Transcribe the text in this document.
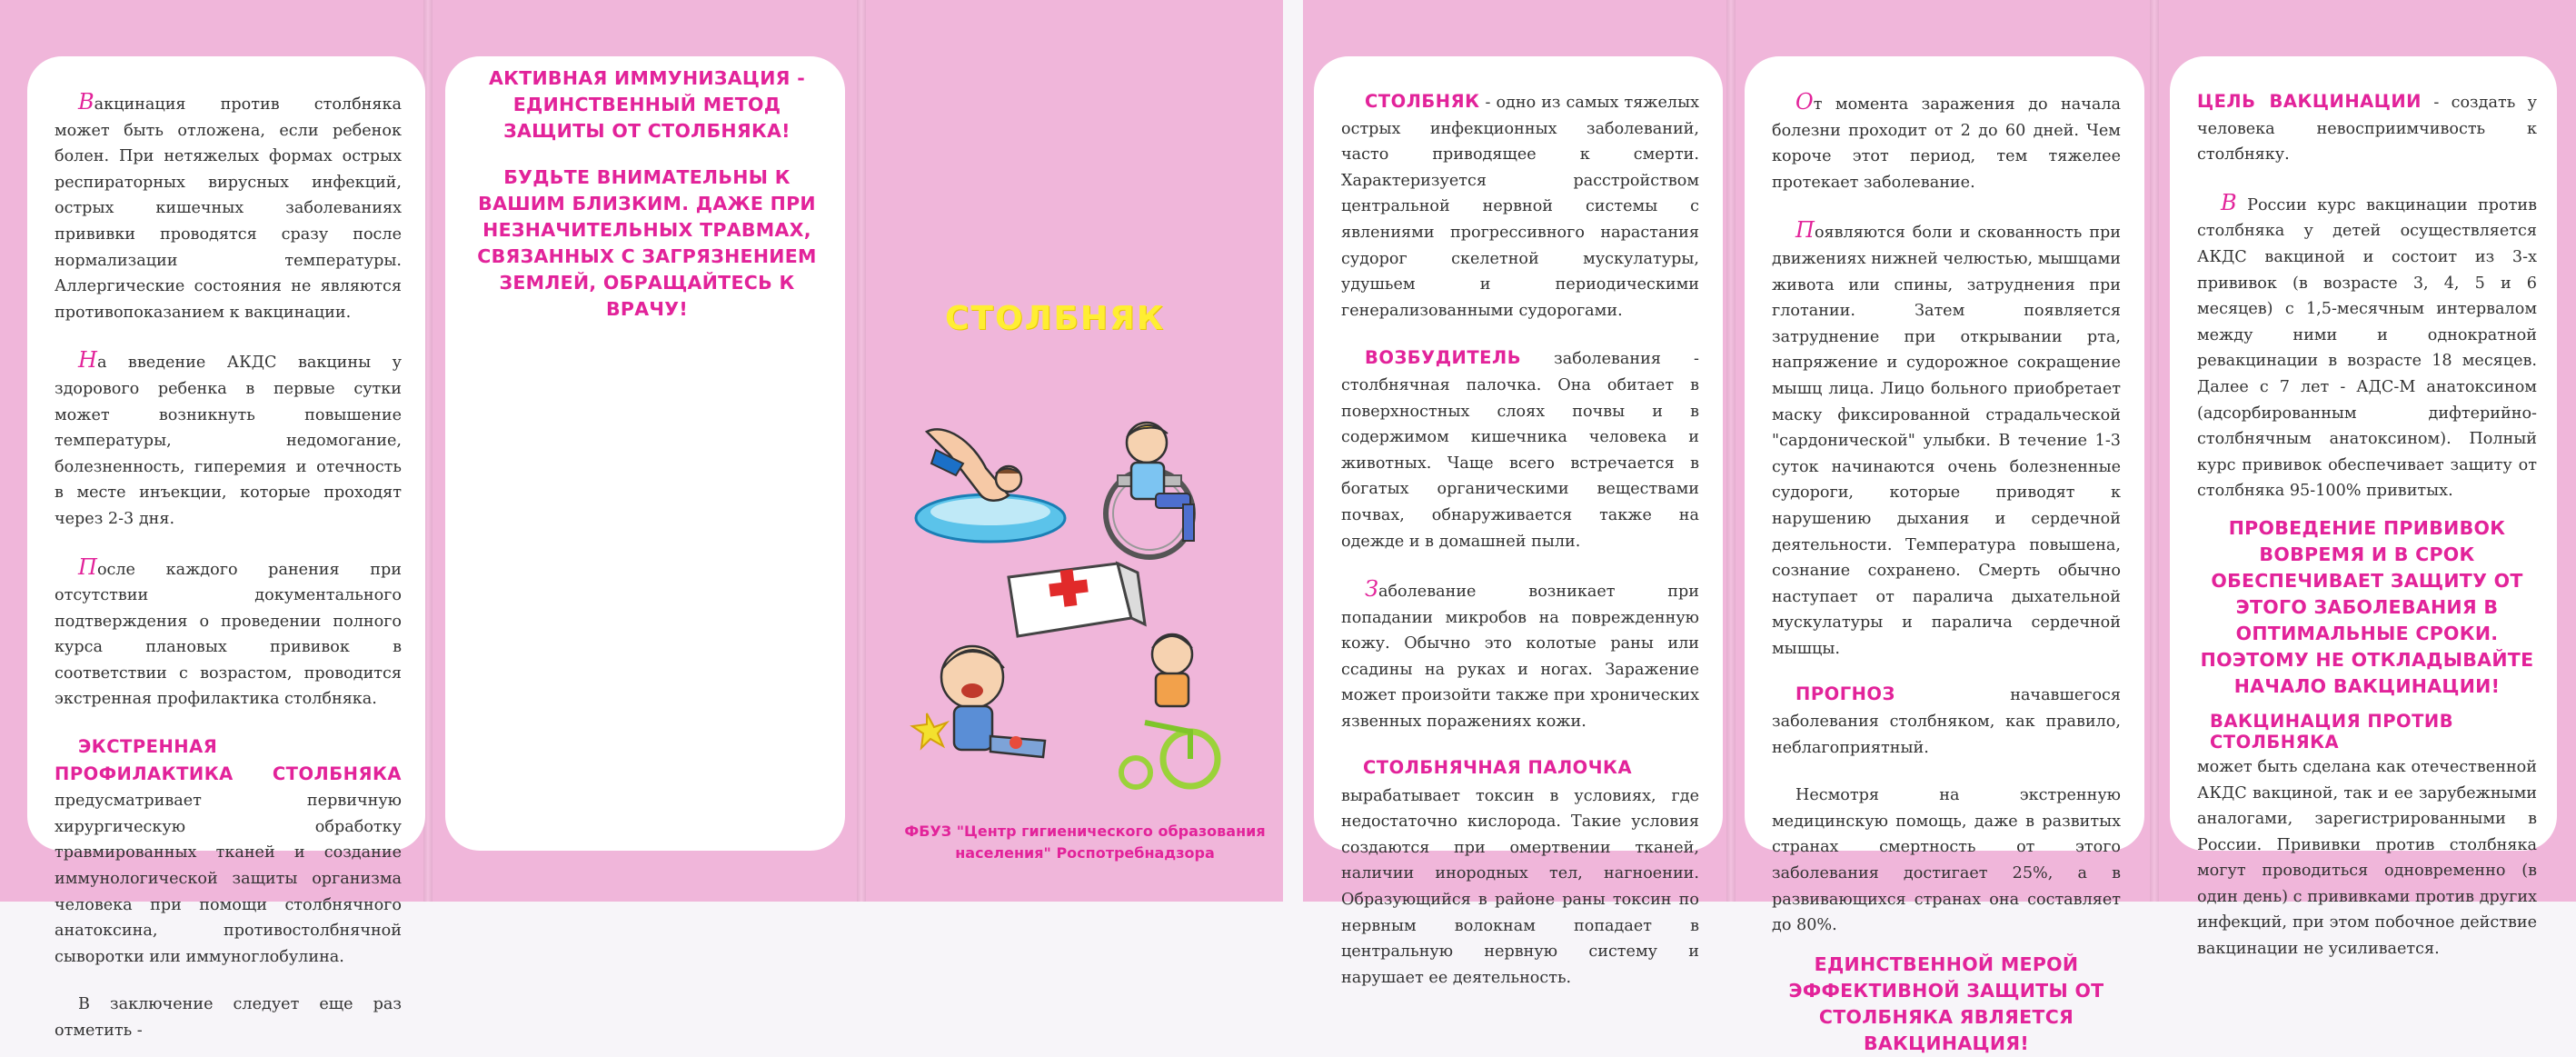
Вакцинация против столбняка может быть отложена, если ребенок болен. При нетяжелых формах острых респираторных вирусных инфекций, острых кишечных заболеваниях прививки проводятся сразу после нормализации температуры. Аллергические состояния не являются противопоказанием к вакцинации.

На введение АКДС вакцины у здорового ребенка в первые сутки может возникнуть повышение температуры, недомогание, болезненность, гиперемия и отечность в месте инъекции, которые проходят через 2-3 дня.

После каждого ранения при отсутствии документального подтверждения о проведении полного курса плановых прививок в соответствии с возрастом, проводится экстренная профилактика столбняка.

ЭКСТРЕННАЯ ПРОФИЛАКТИКА СТОЛБНЯКА предусматривает первичную хирургическую обработку травмированных тканей и создание иммунологической защиты организма человека при помощи столбнячного анатоксина, противостолбнячной сыворотки или иммуноглобулина.

В заключение следует еще раз отметить -

АКТИВНАЯ ИММУНИЗАЦИЯ - ЕДИНСТВЕННЫЙ МЕТОД ЗАЩИТЫ ОТ СТОЛБНЯКА!
БУДЬТЕ ВНИМАТЕЛЬНЫ К ВАШИМ БЛИЗКИМ. ДАЖЕ ПРИ НЕЗНАЧИТЕЛЬНЫХ ТРАВМАХ, СВЯЗАННЫХ С ЗАГРЯЗНЕНИЕМ ЗЕМЛЕЙ, ОБРАЩАЙТЕСЬ К ВРАЧУ!	СТОЛБНЯК
ФБУЗ "Центр гигиенического образования населения" Роспотребнадзора

СТОЛБНЯК - одно из самых тяжелых острых инфекционных заболеваний, часто приводящее к смерти. Характеризуется расстройством центральной нервной системы с явлениями прогрессивного нарастания судорог скелетной мускулатуры, удушьем и периодическими генерализованными судорогами.

ВОЗБУДИТЕЛЬ заболевания - столбнячная палочка. Она обитает в поверхностных слоях почвы и в содержимом кишечника человека и животных. Чаще всего встречается в богатых органическими веществами почвах, обнаруживается также на одежде и в домашней пыли.

Заболевание возникает при попадании микробов на поврежденную кожу. Обычно это колотые раны или ссадины на руках и ногах. Заражение может произойти также при хронических язвенных поражениях кожи.

СТОЛБНЯЧНАЯ ПАЛОЧКА

вырабатывает токсин в условиях, где недостаточно кислорода. Такие условия создаются при омертвении тканей, наличии инородных тел, нагноении. Образующийся в районе раны токсин по нервным волокнам попадает в центральную нервную систему и нарушает ее деятельность.

От момента заражения до начала болезни проходит от 2 до 60 дней. Чем короче этот период, тем тяжелее протекает заболевание.

Появляются боли и скованность при движениях нижней челюстью, мышцами живота или спины, затруднения при глотании. Затем появляется затруднение при открывании рта, напряжение и судорожное сокращение мышц лица. Лицо больного приобретает маску фиксированной страдальческой "сардонической" улыбки. В течение 1-3 суток начинаются очень болезненные судороги, которые приводят к нарушению дыхания и сердечной деятельности. Температура повышена, сознание сохранено. Смерть обычно наступает от паралича дыхательной мускулатуры и паралича сердечной мышцы.

ПРОГНОЗ начавшегося заболевания столбняком, как правило, неблагоприятный.

Несмотря на экстренную медицинскую помощь, даже в развитых странах смертность от этого заболевания достигает 25%, а в развивающихся странах она составляет до 80%.

ЕДИНСТВЕННОЙ МЕРОЙ ЭФФЕКТИВНОЙ ЗАЩИТЫ ОТ СТОЛБНЯКА ЯВЛЯЕТСЯ ВАКЦИНАЦИЯ!

ЦЕЛЬ ВАКЦИНАЦИИ - создать у человека невосприимчивость к столбняку.

В России курс вакцинации против столбняка у детей осуществляется АКДС вакциной и состоит из 3-х прививок (в возрасте 3, 4, 5 и 6 месяцев) с 1,5-месячным интервалом между ними и однократной ревакцинации в возрасте 18 месяцев. Далее с 7 лет - АДС-М анатоксином (адсорбированным дифтерийно-столбнячным анатоксином). Полный курс прививок обеспечивает защиту от столбняка 95-100% привитых.

ПРОВЕДЕНИЕ ПРИВИВОК ВОВРЕМЯ И В СРОК ОБЕСПЕЧИВАЕТ ЗАЩИТУ ОТ ЭТОГО ЗАБОЛЕВАНИЯ В ОПТИМАЛЬНЫЕ СРОКИ. ПОЭТОМУ НЕ ОТКЛАДЫВАЙТЕ НАЧАЛО ВАКЦИНАЦИИ!
ВАКЦИНАЦИЯ ПРОТИВ СТОЛБНЯКА

может быть сделана как отечественной АКДС вакциной, так и ее зарубежными аналогами, зарегистрированными в России. Прививки против столбняка могут проводиться одновременно (в один день) с прививками против других инфекций, при этом побочное действие вакцинации не усиливается.
